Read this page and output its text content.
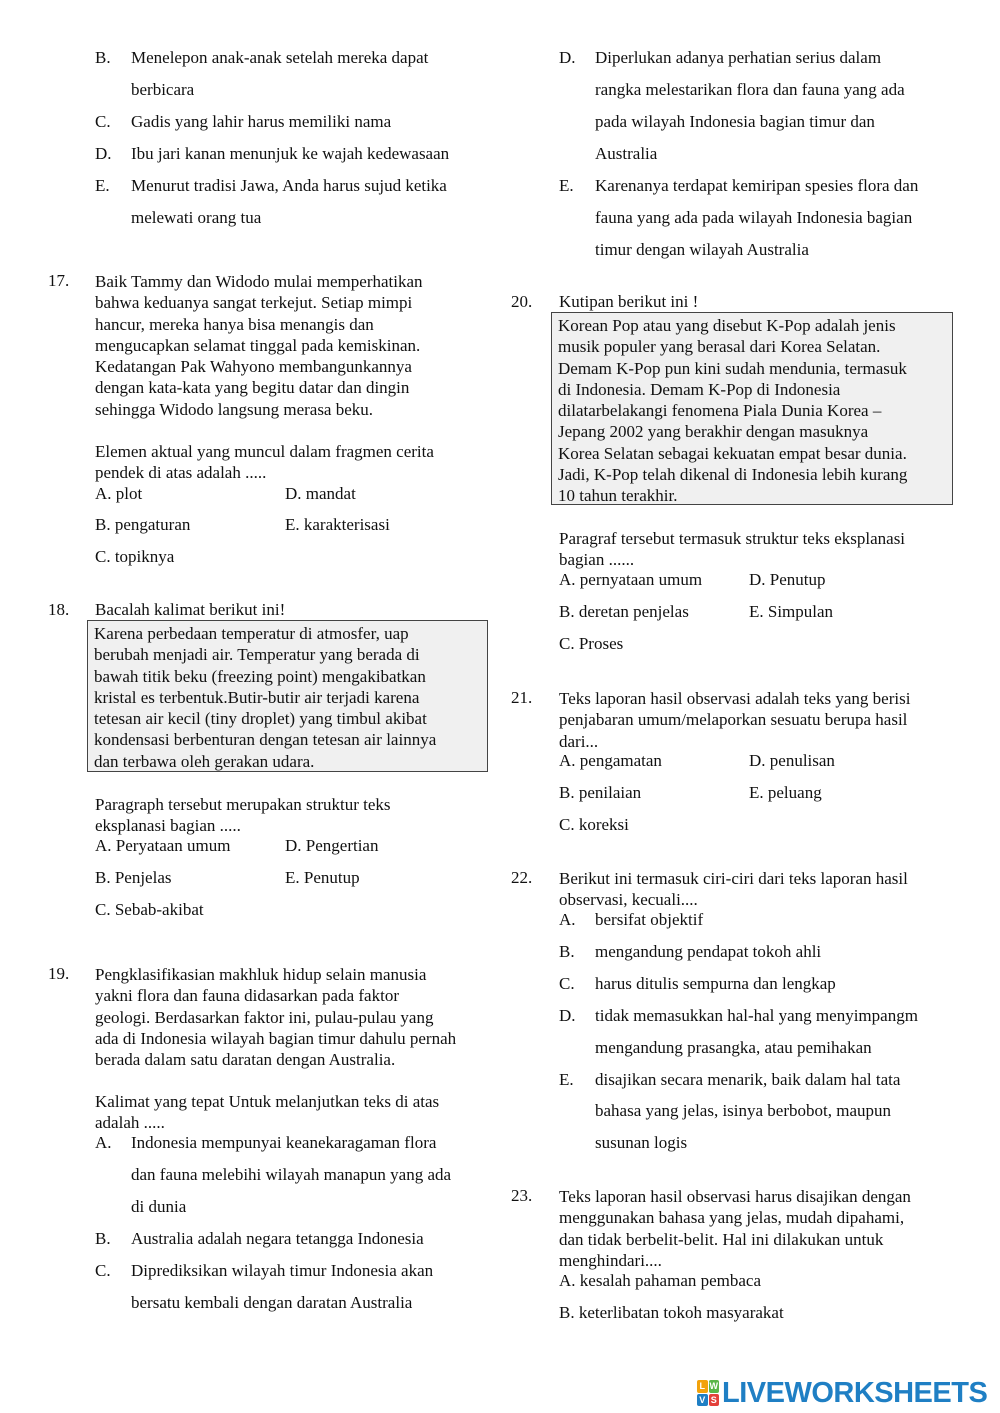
B. Menelepon anak-anak setelah mereka dapat
berbicara
C. Gadis yang lahir harus memiliki nama
D. Ibu jari kanan menunjuk ke wajah kedewasaan
E. Menurut tradisi Jawa, Anda harus sujud ketika
melewati orang tua
17. Baik Tammy dan Widodo mulai memperhatikan
bahwa keduanya sangat terkejut. Setiap mimpi
hancur, mereka hanya bisa menangis dan
mengucapkan selamat tinggal pada kemiskinan.
Kedatangan Pak Wahyono membangunkannya
dengan kata-kata yang begitu datar dan dingin
sehingga Widodo langsung merasa beku.
Elemen aktual yang muncul dalam fragmen cerita
pendek di atas adalah .....
A. plot	D. mandat
B. pengaturan	E. karakterisasi
C. topiknya
18. Bacalah kalimat berikut ini!
Karena perbedaan temperatur di atmosfer, uap
berubah menjadi air. Temperatur yang berada di
bawah titik beku (freezing point) mengakibatkan
kristal es terbentuk.Butir-butir air terjadi karena
tetesan air kecil (tiny droplet) yang timbul akibat
kondensasi berbenturan dengan tetesan air lainnya
dan terbawa oleh gerakan udara.
Paragraph tersebut merupakan struktur teks
eksplanasi bagian .....
A. Peryataan umum	D. Pengertian
B. Penjelas	E. Penutup
C. Sebab-akibat
19. Pengklasifikasian makhluk hidup selain manusia
yakni flora dan fauna didasarkan pada faktor
geologi. Berdasarkan faktor ini, pulau-pulau yang
ada di Indonesia wilayah bagian timur dahulu pernah
berada dalam satu daratan dengan Australia.
Kalimat yang tepat Untuk melanjutkan teks di atas
adalah .....
A. Indonesia mempunyai keanekaragaman flora
dan fauna melebihi wilayah manapun yang ada
di dunia
B. Australia adalah negara tetangga Indonesia
C. Diprediksikan wilayah timur Indonesia akan
bersatu kembali dengan daratan Australia
D. Diperlukan adanya perhatian serius dalam
rangka melestarikan flora dan fauna yang ada
pada wilayah Indonesia bagian timur dan
Australia
E. Karenanya terdapat kemiripan spesies flora dan
fauna yang ada pada wilayah Indonesia bagian
timur dengan wilayah Australia
20. Kutipan berikut ini !
Korean Pop atau yang disebut K-Pop adalah jenis
musik populer yang berasal dari Korea Selatan.
Demam K-Pop pun kini sudah mendunia, termasuk
di Indonesia. Demam K-Pop di Indonesia
dilatarbelakangi fenomena Piala Dunia Korea –
Jepang 2002 yang berakhir dengan masuknya
Korea Selatan sebagai kekuatan empat besar dunia.
Jadi, K-Pop telah dikenal di Indonesia lebih kurang
10 tahun terakhir.
Paragraf tersebut termasuk struktur teks eksplanasi
bagian ......
A. pernyataan umum	D. Penutup
B. deretan penjelas	E. Simpulan
C. Proses
21. Teks laporan hasil observasi adalah teks yang berisi
penjabaran umum/melaporkan sesuatu berupa hasil
dari...
A. pengamatan	D. penulisan
B. penilaian	E. peluang
C. koreksi
22. Berikut ini termasuk ciri-ciri dari teks laporan hasil
observasi, kecuali....
A. bersifat objektif
B. mengandung pendapat tokoh ahli
C. harus ditulis sempurna dan lengkap
D. tidak memasukkan hal-hal yang menyimpangm
mengandung prasangka, atau pemihakan
E. disajikan secara menarik, baik dalam hal tata
bahasa yang jelas, isinya berbobot, maupun
susunan logis
23. Teks laporan hasil observasi harus disajikan dengan
menggunakan bahasa yang jelas, mudah dipahami,
dan tidak berbelit-belit. Hal ini dilakukan untuk
menghindari....
A. kesalah pahaman pembaca
B. keterlibatan tokoh masyarakat
L W
V S LIVEWORKSHEETS
